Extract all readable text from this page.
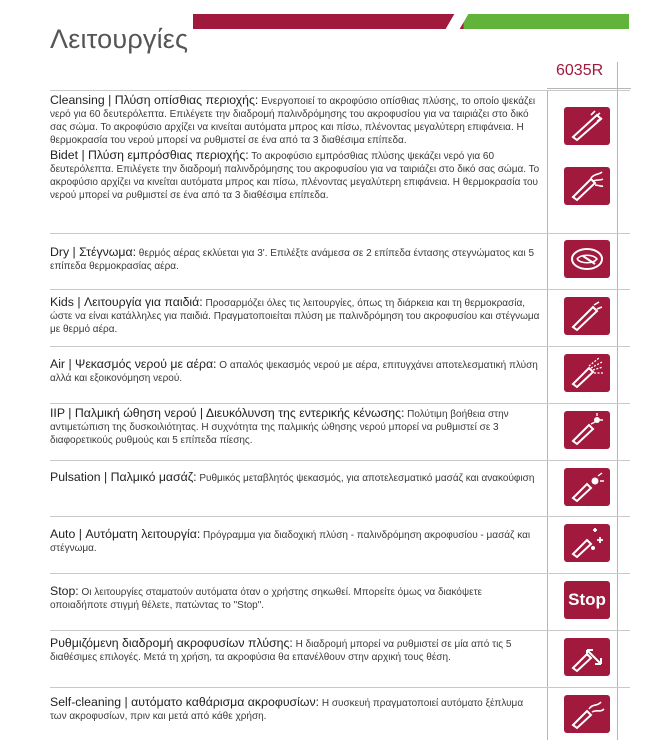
Λειτουργίες
6035R
Cleansing | Πλύση οπίσθιας περιοχής: Ενεργοποιεί το ακροφύσιο οπίσθιας πλύσης, το οποίο ψεκάζει νερό για 60 δευτερόλεπτα. Επιλέγετε την διαδρομή παλινδρόμησης του ακροφυσίου για να ταιριάζει στο δικό σας σώμα. Το ακροφύσιο αρχίζει να κινείται αυτόματα μπρος και πίσω, πλένοντας μεγαλύτερη επιφάνεια. Η θερμοκρασία του νερού μπορεί να ρυθμιστεί σε ένα από τα 3 διαθέσιμα επίπεδα.
Bidet | Πλύση εμπρόσθιας περιοχής: Το ακροφύσιο εμπρόσθιας πλύσης ψεκάζει νερό για 60 δευτερόλεπτα. Επιλέγετε την διαδρομή παλινδρόμησης του ακροφυσίου για να ταιριάζει στο δικό σας σώμα. Το ακροφύσιο αρχίζει να κινείται αυτόματα μπρος και πίσω, πλένοντας μεγαλύτερη επιφάνεια. Η θερμοκρασία του νερού μπορεί να ρυθμιστεί σε ένα από τα 3 διαθέσιμα επίπεδα.
Dry | Στέγνωμα: θερμός αέρας εκλύεται για 3'. Επιλέξτε ανάμεσα σε 2 επίπεδα έντασης στεγνώματος και 5 επίπεδα θερμοκρασίας αέρα.
Kids | Λειτουργία για παιδιά: Προσαρμόζει όλες τις λειτουργίες, όπως τη διάρκεια και τη θερμοκρασία, ώστε να είναι κατάλληλες για παιδιά. Πραγματοποιείται πλύση με παλινδρόμηση του ακροφυσίου και στέγνωμα με θερμό αέρα.
Air | Ψεκασμός νερού με αέρα: Ο απαλός ψεκασμός νερού με αέρα, επιτυγχάνει αποτελεσματική πλύση αλλά και εξοικονόμηση νερού.
IIP | Παλμική ώθηση νερού | Διευκόλυνση της εντερικής κένωσης: Πολύτιμη βοήθεια στην αντιμετώπιση της δυσκοιλιότητας. Η συχνότητα της παλμικής ώθησης νερού μπορεί να ρυθμιστεί σε 3 διαφορετικούς ρυθμούς και 5 επίπεδα πίεσης.
Pulsation | Παλμικό μασάζ: Ρυθμικός μεταβλητός ψεκασμός, για αποτελεσματικό μασάζ και ανακούφιση
Auto | Αυτόματη λειτουργία: Πρόγραμμα για διαδοχική πλύση - παλινδρόμηση ακροφυσίου - μασάζ και στέγνωμα.
Stop: Οι λειτουργίες σταματούν αυτόματα όταν ο χρήστης σηκωθεί. Μπορείτε όμως να διακόψετε οποιαδήποτε στιγμή θέλετε, πατώντας το "Stop".	Stop
Ρυθμιζόμενη διαδρομή ακροφυσίων πλύσης: Η διαδρομή μπορεί να ρυθμιστεί σε μία από τις 5 διαθέσιμες επιλογές. Μετά τη χρήση, τα ακροφύσια θα επανέλθουν στην αρχική τους θέση.
Self-cleaning | αυτόματο καθάρισμα ακροφυσίων: Η συσκευή πραγματοποιεί αυτόματο ξέπλυμα των ακροφυσίων, πριν και μετά από κάθε χρήση.
